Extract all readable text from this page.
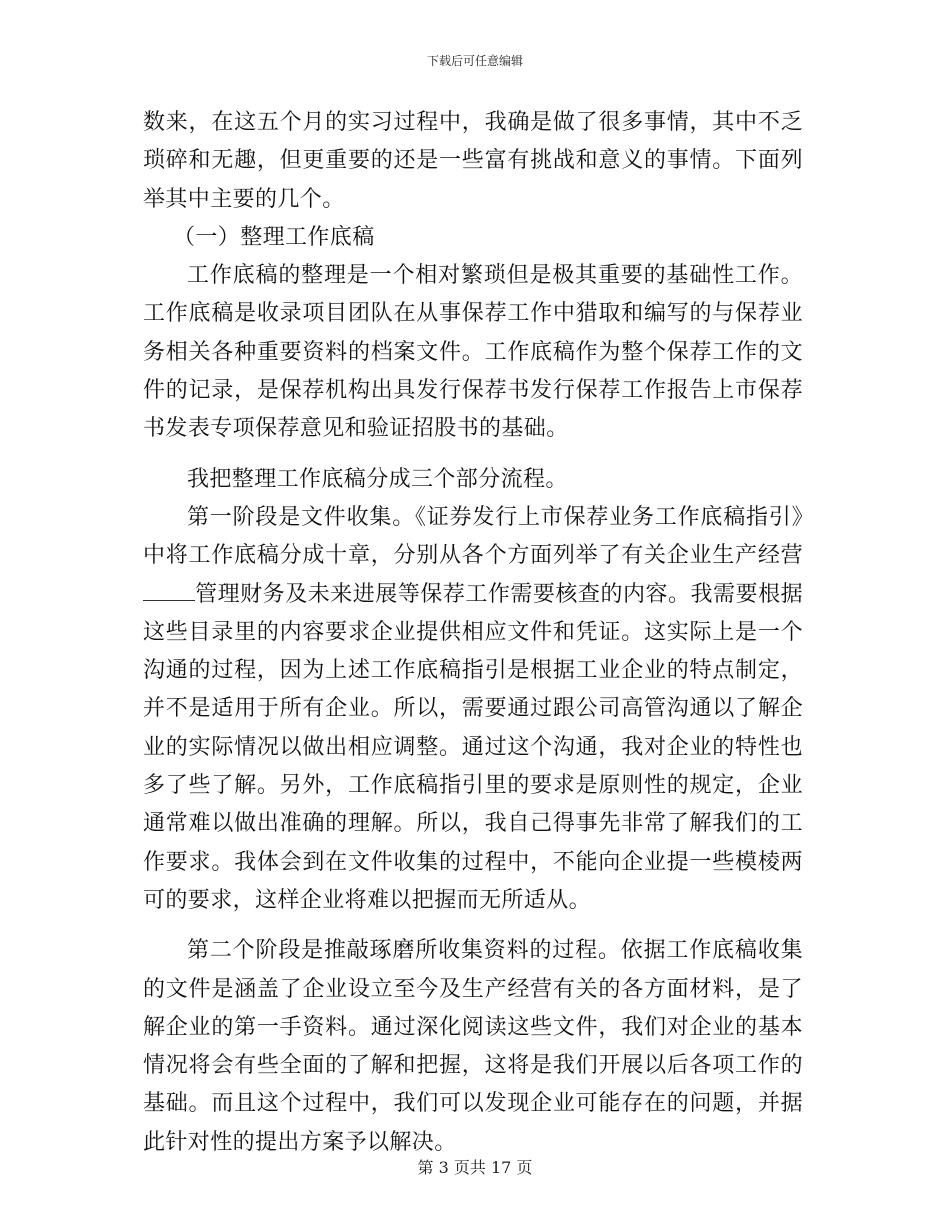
下载后可任意编辑

数来，在这五个月的实习过程中，我确是做了很多事情，其中不乏琐碎和无趣，但更重要的还是一些富有挑战和意义的事情。下面列举其中主要的几个。

（一）整理工作底稿

工作底稿的整理是一个相对繁琐但是极其重要的基础性工作。工作底稿是收录项目团队在从事保荐工作中猎取和编写的与保荐业务相关各种重要资料的档案文件。工作底稿作为整个保荐工作的文件的记录，是保荐机构出具发行保荐书发行保荐工作报告上市保荐书发表专项保荐意见和验证招股书的基础。

我把整理工作底稿分成三个部分流程。

第一阶段是文件收集。《证券发行上市保荐业务工作底稿指引》中将工作底稿分成十章，分别从各个方面列举了有关企业生产经营管理财务及未来进展等保荐工作需要核查的内容。我需要根据这些目录里的内容要求企业提供相应文件和凭证。这实际上是一个沟通的过程，因为上述工作底稿指引是根据工业企业的特点制定，并不是适用于所有企业。所以，需要通过跟公司高管沟通以了解企业的实际情况以做出相应调整。通过这个沟通，我对企业的特性也多了些了解。另外，工作底稿指引里的要求是原则性的规定，企业通常难以做出准确的理解。所以，我自己得事先非常了解我们的工作要求。我体会到在文件收集的过程中，不能向企业提一些模棱两可的要求，这样企业将难以把握而无所适从。

第二个阶段是推敲琢磨所收集资料的过程。依据工作底稿收集的文件是涵盖了企业设立至今及生产经营有关的各方面材料，是了解企业的第一手资料。通过深化阅读这些文件，我们对企业的基本情况将会有些全面的了解和把握，这将是我们开展以后各项工作的基础。而且这个过程中，我们可以发现企业可能存在的问题，并据此针对性的提出方案予以解决。

第 3 页共 17 页
